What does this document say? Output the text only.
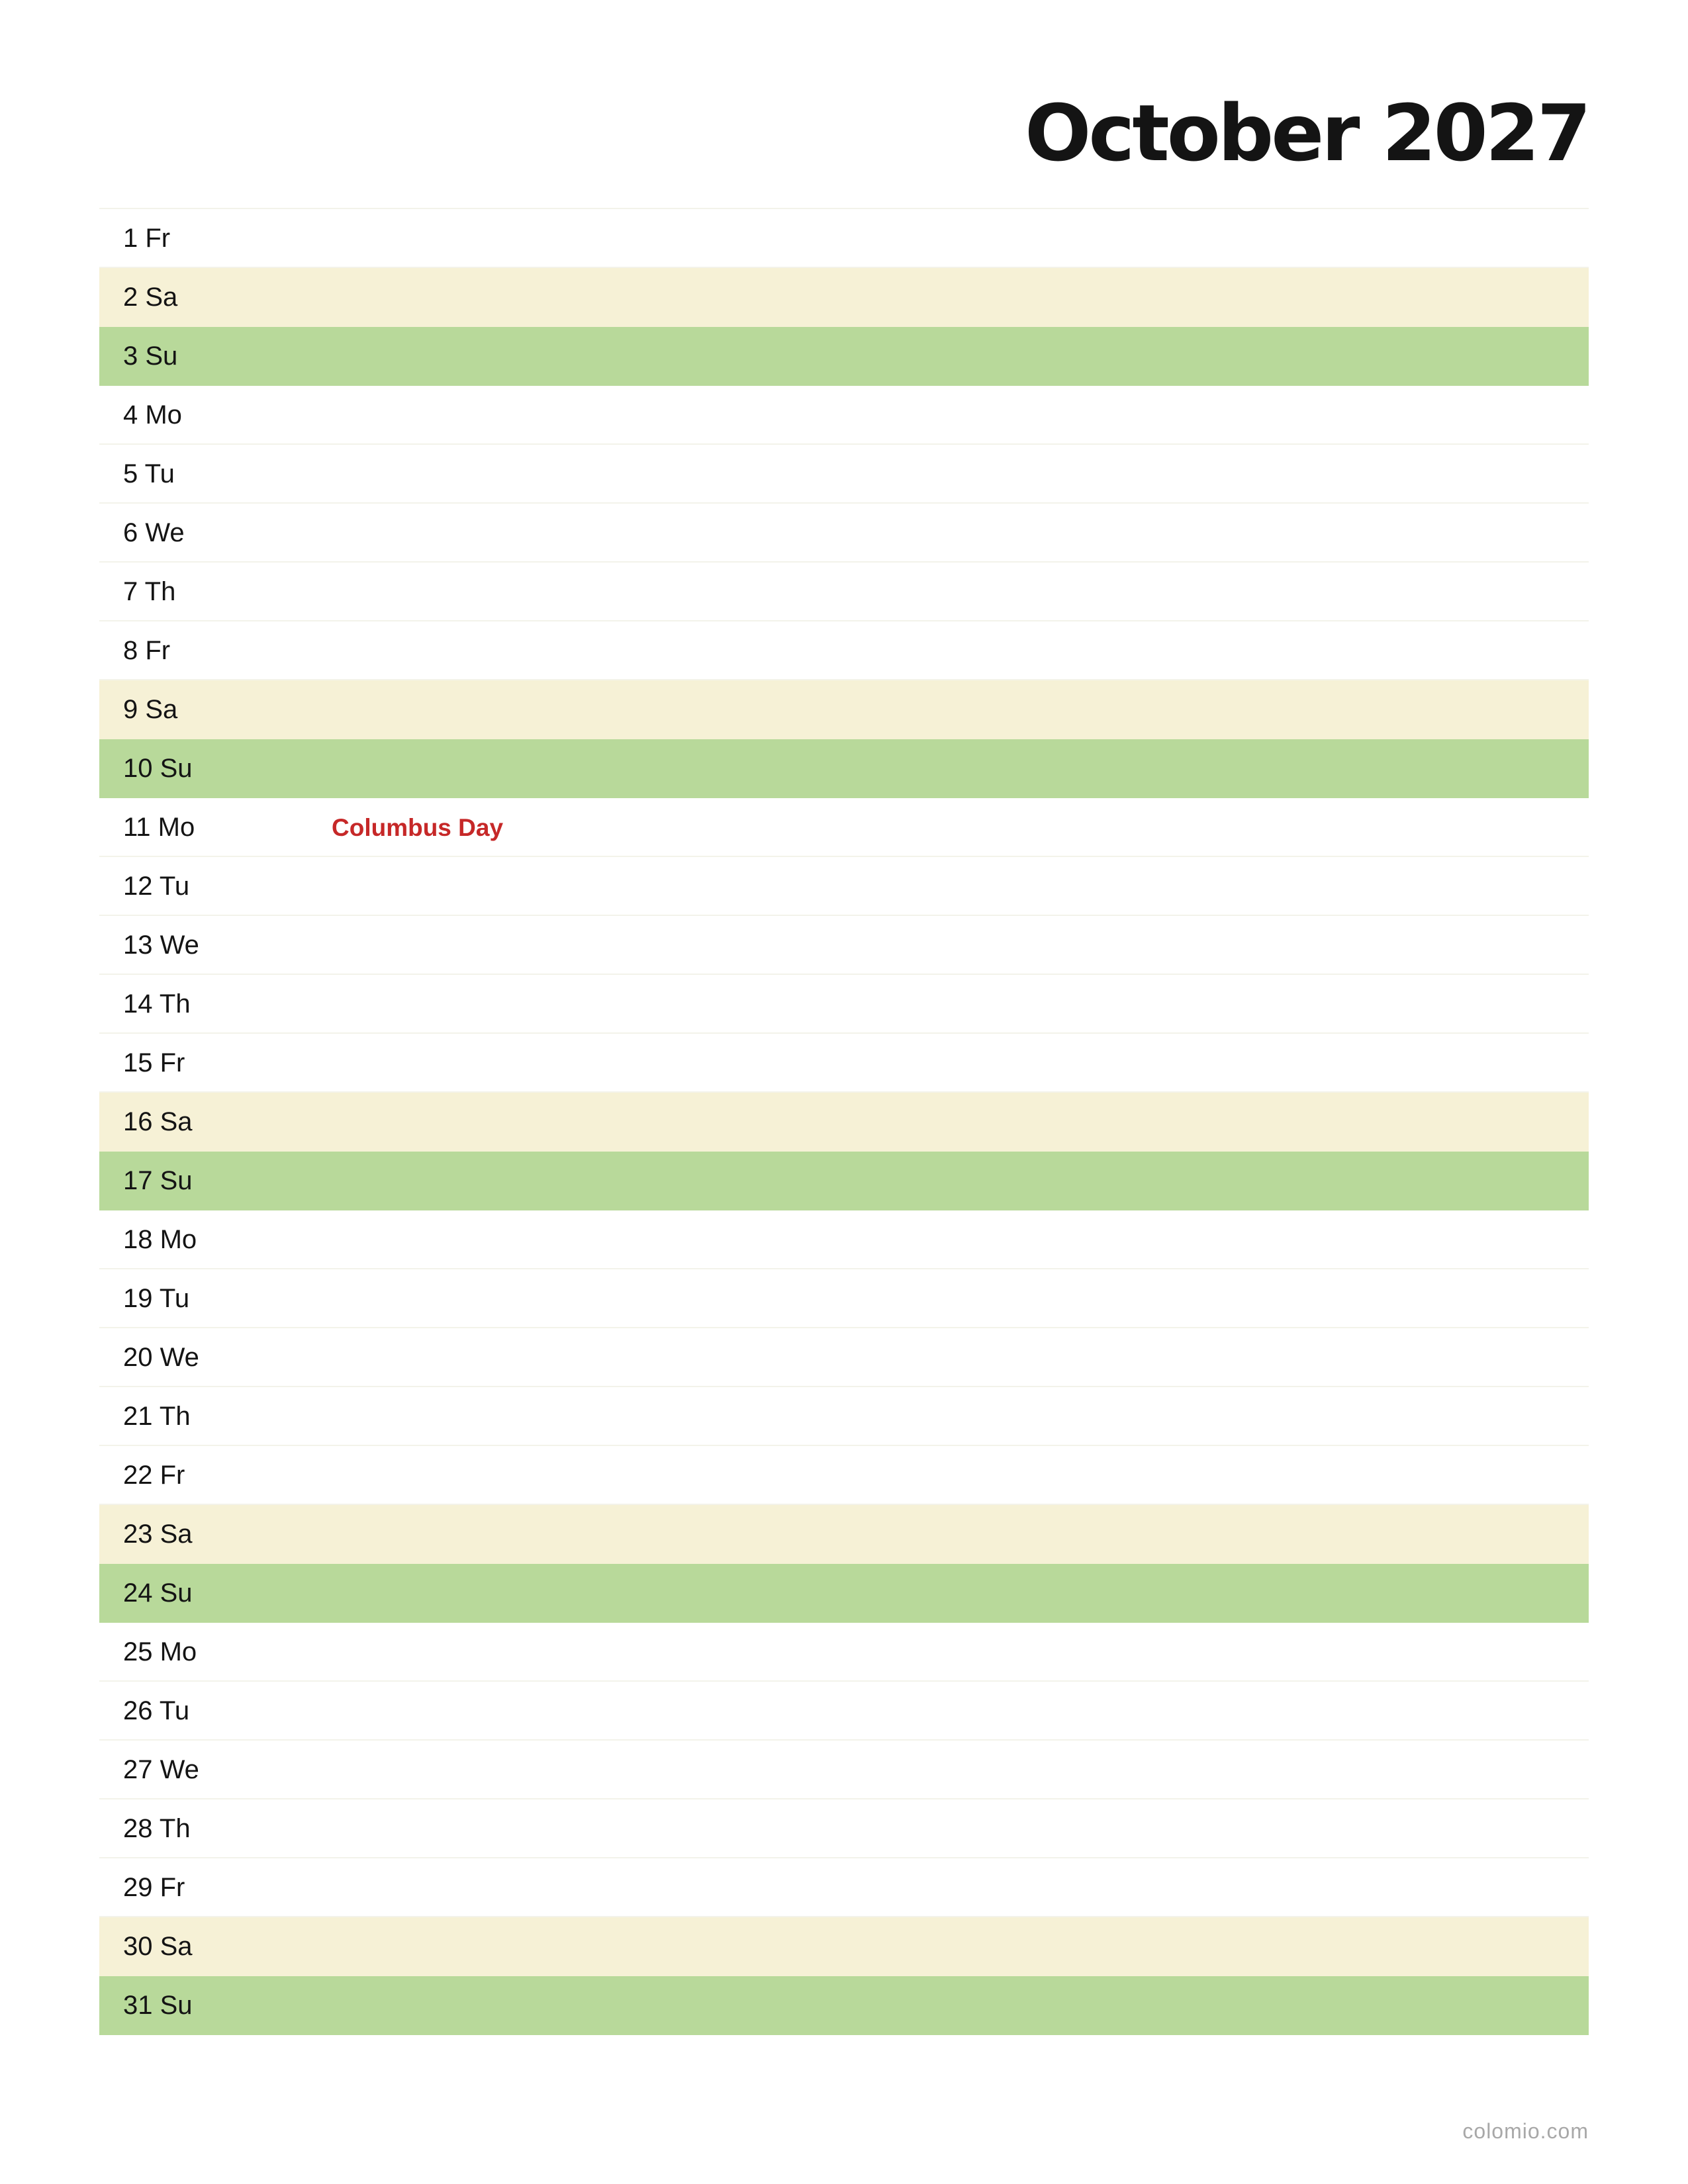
October 2027
1 Fr
2 Sa
3 Su
4 Mo
5 Tu
6 We
7 Th
8 Fr
9 Sa
10 Su
11 Mo	Columbus Day
12 Tu
13 We
14 Th
15 Fr
16 Sa
17 Su
18 Mo
19 Tu
20 We
21 Th
22 Fr
23 Sa
24 Su
25 Mo
26 Tu
27 We
28 Th
29 Fr
30 Sa
31 Su
colomio.com
